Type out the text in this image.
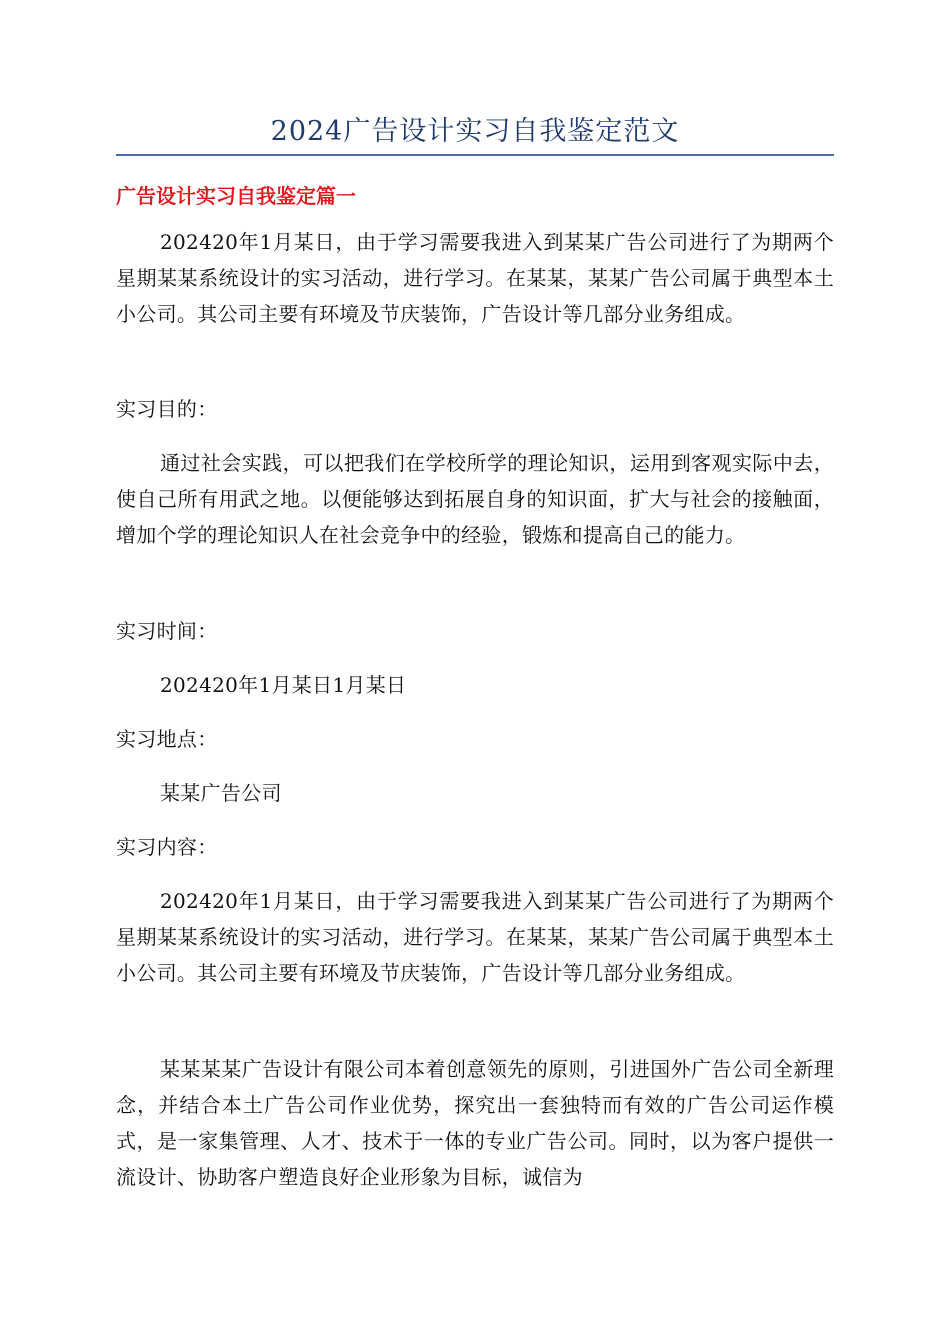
2024广告设计实习自我鉴定范文
广告设计实习自我鉴定篇一
202420年1月某日，由于学习需要我进入到某某广告公司进行了为期两个星期某某系统设计的实习活动，进行学习。在某某，某某广告公司属于典型本土小公司。其公司主要有环境及节庆装饰，广告设计等几部分业务组成。
实习目的：
通过社会实践，可以把我们在学校所学的理论知识，运用到客观实际中去，使自己所有用武之地。以便能够达到拓展自身的知识面，扩大与社会的接触面，增加个学的理论知识人在社会竞争中的经验，锻炼和提高自己的能力。
实习时间：
202420年1月某日1月某日
实习地点：
某某广告公司
实习内容：
202420年1月某日，由于学习需要我进入到某某广告公司进行了为期两个星期某某系统设计的实习活动，进行学习。在某某，某某广告公司属于典型本土小公司。其公司主要有环境及节庆装饰，广告设计等几部分业务组成。
某某某某广告设计有限公司本着创意领先的原则，引进国外广告公司全新理念，并结合本土广告公司作业优势，探究出一套独特而有效的广告公司运作模式，是一家集管理、人才、技术于一体的专业广告公司。同时，以为客户提供一流设计、协助客户塑造良好企业形象为目标，诚信为
